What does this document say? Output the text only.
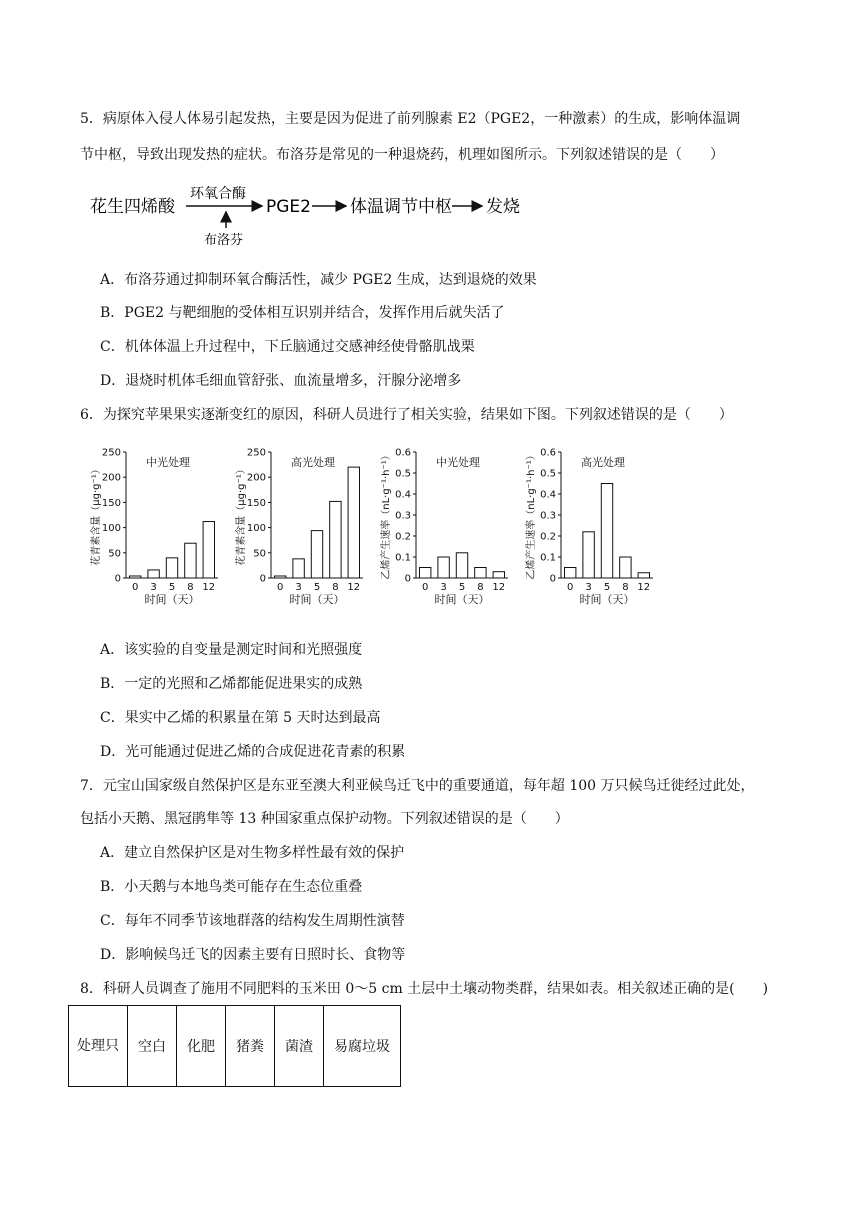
5．病原体入侵人体易引起发热，主要是因为促进了前列腺素 E2（PGE2，一种激素）的生成，影响体温调
节中枢，导致出现发热的症状。布洛芬是常见的一种退烧药，机理如图所示。下列叙述错误的是（　　）
花生四烯酸
环氧合酶
布洛芬
PGE2 体温调节中枢 发烧
A．布洛芬通过抑制环氧合酶活性，减少 PGE2 生成，达到退烧的效果
B．PGE2 与靶细胞的受体相互识别并结合，发挥作用后就失活了
C．机体体温上升过程中，下丘脑通过交感神经使骨骼肌战栗
D．退烧时机体毛细血管舒张、血流量增多，汗腺分泌增多
6．为探究苹果果实逐渐变红的原因，科研人员进行了相关实验，结果如下图。下列叙述错误的是（　　）
0
50
100
150
200
250
中光处理
0 3 5 8 12
时间（天）
花青素含量（μg·g⁻¹）
0
50
100
150
200
250
高光处理
0 3 5 8 12
时间（天）
花青素含量（μg·g⁻¹）
0
0.1
0.2
0.3
0.4
0.5
0.6
中光处理
0 3 5 8 12
时间（天）
乙烯产生速率（nL·g⁻¹·h⁻¹）	0
0.1
0.2
0.3
0.4
0.5
0.6
高光处理
0 3 5 8 12
时间（天）
乙烯产生速率（nL·g⁻¹·h⁻¹）
A．该实验的自变量是测定时间和光照强度
B．一定的光照和乙烯都能促进果实的成熟
C．果实中乙烯的积累量在第 5 天时达到最高
D．光可能通过促进乙烯的合成促进花青素的积累
7．元宝山国家级自然保护区是东亚至澳大利亚候鸟迁飞中的重要通道，每年超 100 万只候鸟迁徙经过此处，
包括小天鹅、黑冠鹃隼等 13 种国家重点保护动物。下列叙述错误的是（　　）
A．建立自然保护区是对生物多样性最有效的保护
B．小天鹅与本地鸟类可能存在生态位重叠
C．每年不同季节该地群落的结构发生周期性演替
D．影响候鸟迁飞的因素主要有日照时长、食物等
8．科研人员调查了施用不同肥料的玉米田 0～5 cm 土层中土壤动物类群，结果如表。相关叙述正确的是(　　)
处理只	空白	化肥	猪粪	菌渣	易腐垃圾
